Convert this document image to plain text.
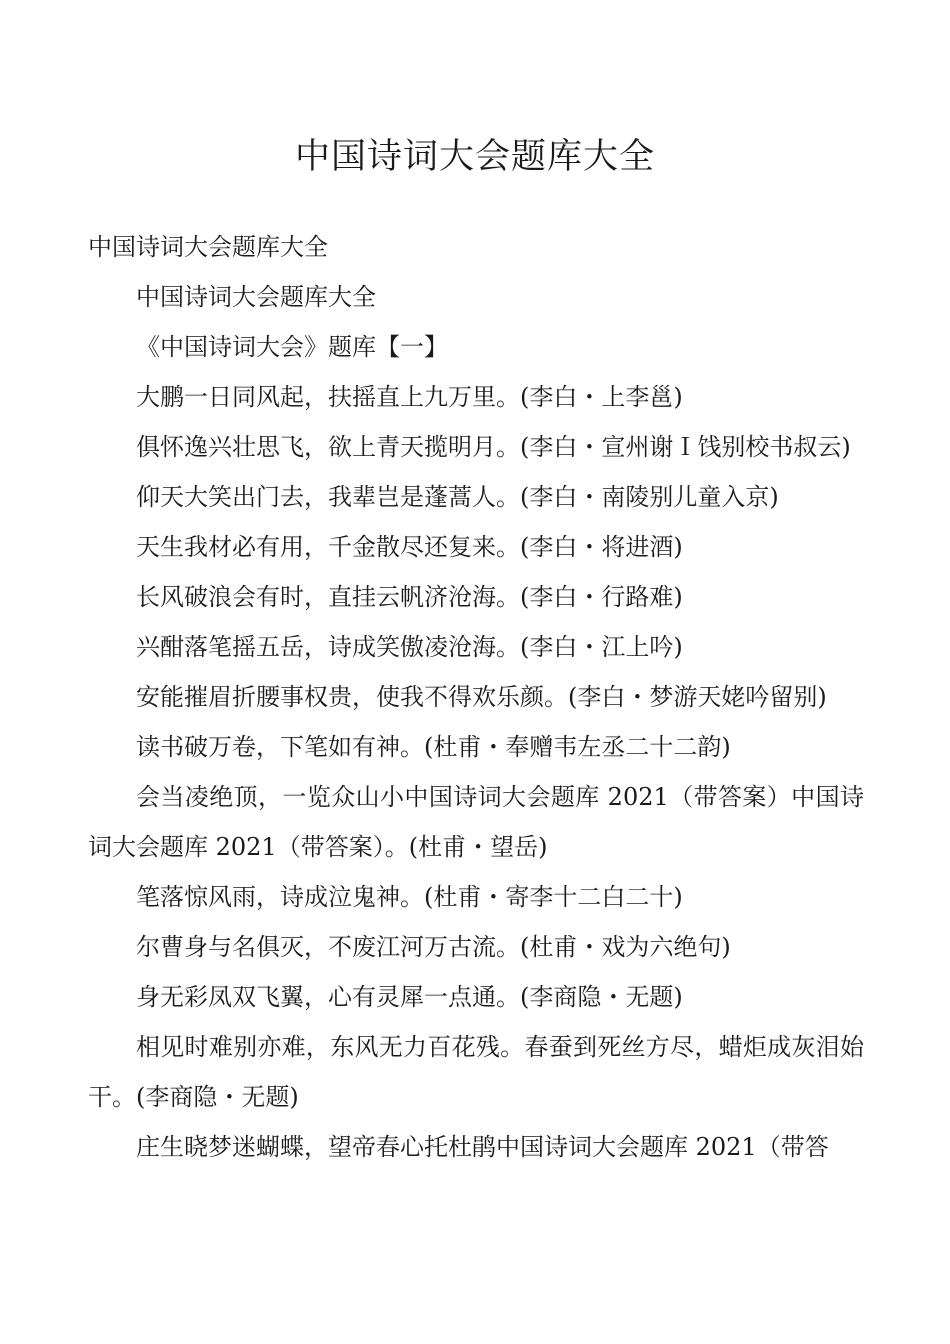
中国诗词大会题库大全

中国诗词大会题库大全

中国诗词大会题库大全

《中国诗词大会》题库【一】

大鹏一日同风起，扶摇直上九万里。(李白・上李邕)

俱怀逸兴壮思飞，欲上青天揽明月。(李白・宣州谢Ｉ饯别校书叔云)

仰天大笑出门去，我辈岂是蓬蒿人。(李白・南陵别儿童入京)

天生我材必有用，千金散尽还复来。(李白・将进酒)

长风破浪会有时，直挂云帆济沧海。(李白・行路难)

兴酣落笔摇五岳，诗成笑傲凌沧海。(李白・江上吟)

安能摧眉折腰事权贵，使我不得欢乐颜。(李白・梦游天姥吟留别)

读书破万卷，下笔如有神。(杜甫・奉赠韦左丞二十二韵)

会当凌绝顶，一览众山小中国诗词大会题库 2021（带答案）中国诗词大会题库 2021（带答案）。(杜甫・望岳)

笔落惊风雨，诗成泣鬼神。(杜甫・寄李十二白二十)

尔曹身与名俱灭，不废江河万古流。(杜甫・戏为六绝句)

身无彩凤双飞翼，心有灵犀一点通。(李商隐・无题)

相见时难别亦难，东风无力百花残。春蚕到死丝方尽，蜡炬成灰泪始干。(李商隐・无题)

庄生晓梦迷蝴蝶，望帝春心托杜鹃中国诗词大会题库 2021（带答
